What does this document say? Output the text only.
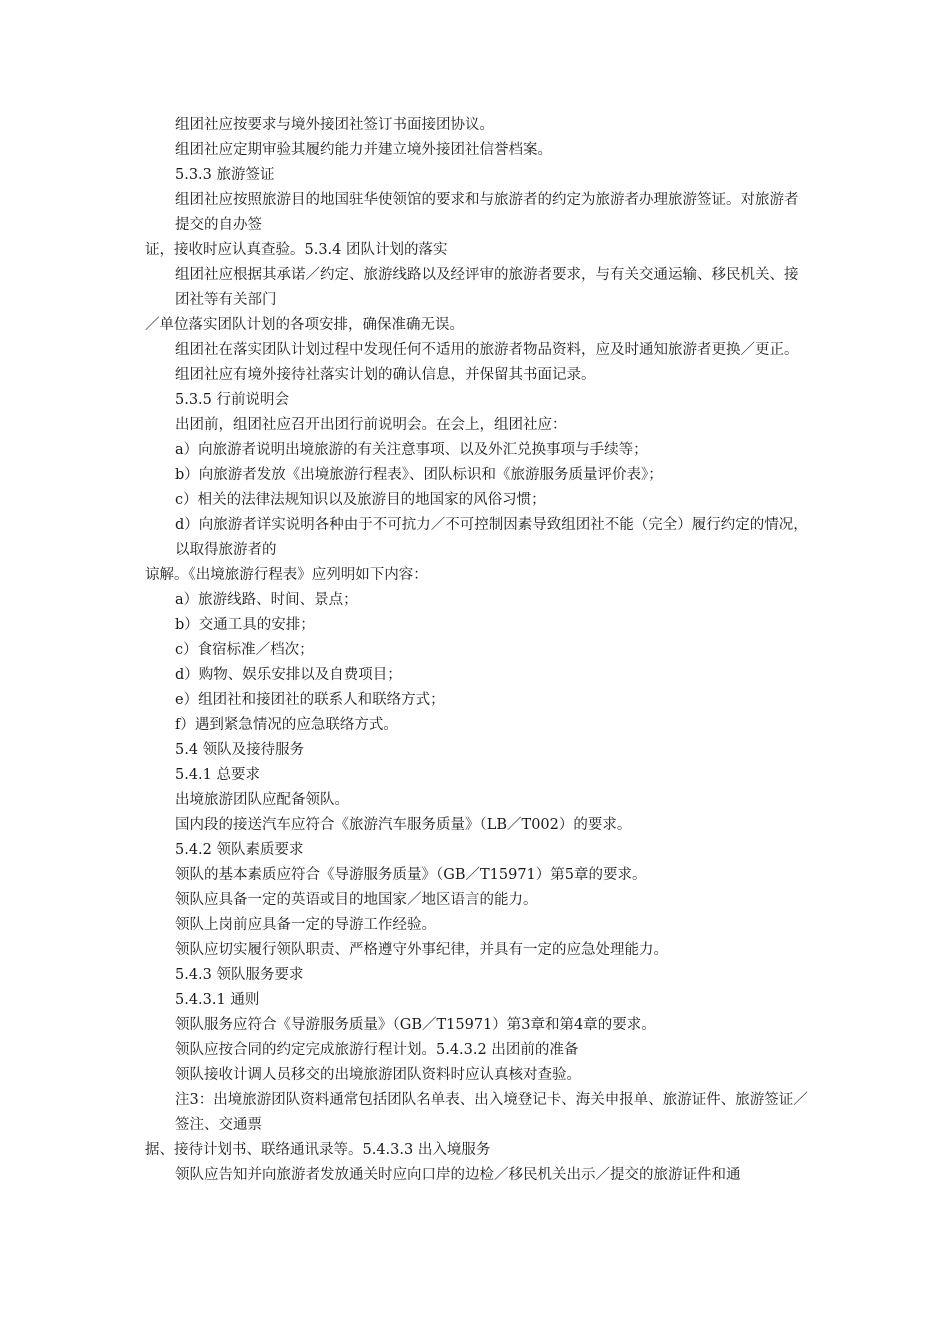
组团社应按要求与境外接团社签订书面接团协议。
组团社应定期审验其履约能力并建立境外接团社信誉档案。
5.3.3 旅游签证
组团社应按照旅游目的地国驻华使领馆的要求和与旅游者的约定为旅游者办理旅游签证。对旅游者提交的自办签
证，接收时应认真查验。5.3.4 团队计划的落实
组团社应根据其承诺／约定、旅游线路以及经评审的旅游者要求，与有关交通运输、移民机关、接团社等有关部门
／单位落实团队计划的各项安排，确保准确无误。
组团社在落实团队计划过程中发现任何不适用的旅游者物品资料，应及时通知旅游者更换／更正。
组团社应有境外接待社落实计划的确认信息，并保留其书面记录。
5.3.5 行前说明会
出团前，组团社应召开出团行前说明会。在会上，组团社应：
a）向旅游者说明出境旅游的有关注意事项、以及外汇兑换事项与手续等；
b）向旅游者发放《出境旅游行程表》、团队标识和《旅游服务质量评价表》；
c）相关的法律法规知识以及旅游目的地国家的风俗习惯；
d）向旅游者详实说明各种由于不可抗力／不可控制因素导致组团社不能（完全）履行约定的情况，以取得旅游者的
谅解。《出境旅游行程表》应列明如下内容：
a）旅游线路、时间、景点；
b）交通工具的安排；
c）食宿标准／档次；
d）购物、娱乐安排以及自费项目；
e）组团社和接团社的联系人和联络方式；
f）遇到紧急情况的应急联络方式。
5.4 领队及接待服务
5.4.1 总要求
出境旅游团队应配备领队。
国内段的接送汽车应符合《旅游汽车服务质量》（LB／T002）的要求。
5.4.2 领队素质要求
领队的基本素质应符合《导游服务质量》（GB／T15971）第5章的要求。
领队应具备一定的英语或目的地国家／地区语言的能力。
领队上岗前应具备一定的导游工作经验。
领队应切实履行领队职责、严格遵守外事纪律，并具有一定的应急处理能力。
5.4.3 领队服务要求
5.4.3.1 通则
领队服务应符合《导游服务质量》（GB／T15971）第3章和第4章的要求。
领队应按合同的约定完成旅游行程计划。5.4.3.2 出团前的准备
领队接收计调人员移交的出境旅游团队资料时应认真核对查验。
注3：出境旅游团队资料通常包括团队名单表、出入境登记卡、海关申报单、旅游证件、旅游签证／签注、交通票
据、接待计划书、联络通讯录等。5.4.3.3 出入境服务
领队应告知并向旅游者发放通关时应向口岸的边检／移民机关出示／提交的旅游证件和通
